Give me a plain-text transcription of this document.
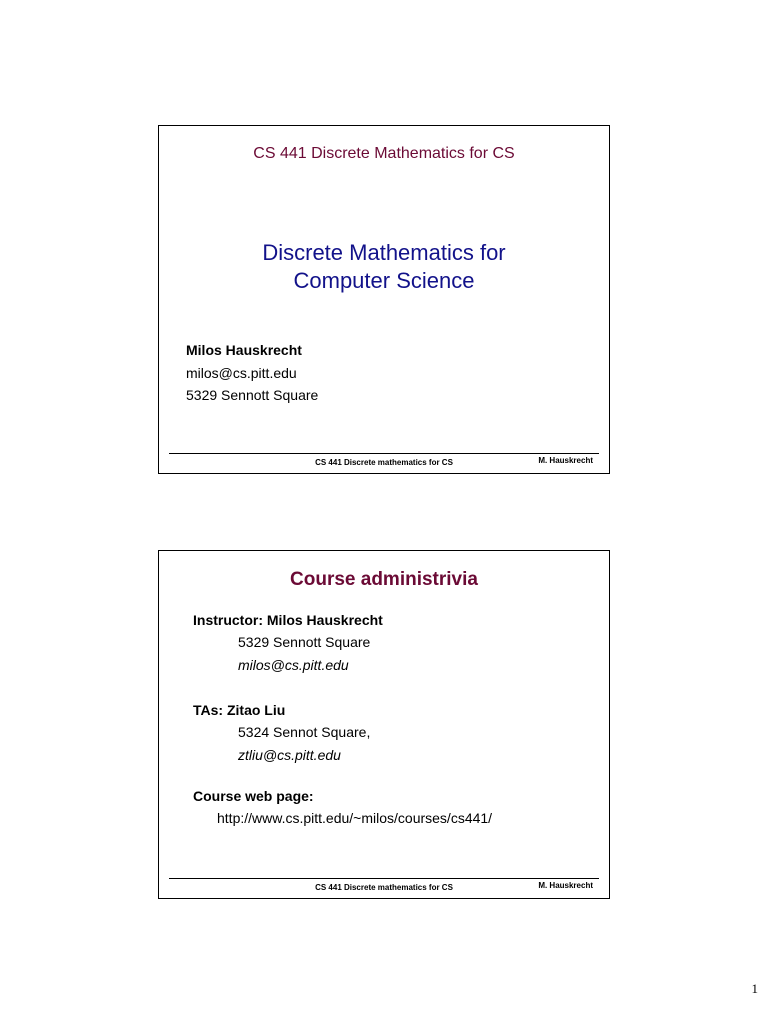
CS 441 Discrete Mathematics for CS
Discrete Mathematics for
Computer Science
Milos Hauskrecht
milos@cs.pitt.edu
5329 Sennott Square
CS 441 Discrete mathematics for CS	M. Hauskrecht
Course administrivia
Instructor: Milos Hauskrecht
5329 Sennott Square
milos@cs.pitt.edu
TAs: Zitao Liu
5324 Sennot Square,
ztliu@cs.pitt.edu
Course web page:
http://www.cs.pitt.edu/~milos/courses/cs441/
CS 441 Discrete mathematics for CS	M. Hauskrecht
1
